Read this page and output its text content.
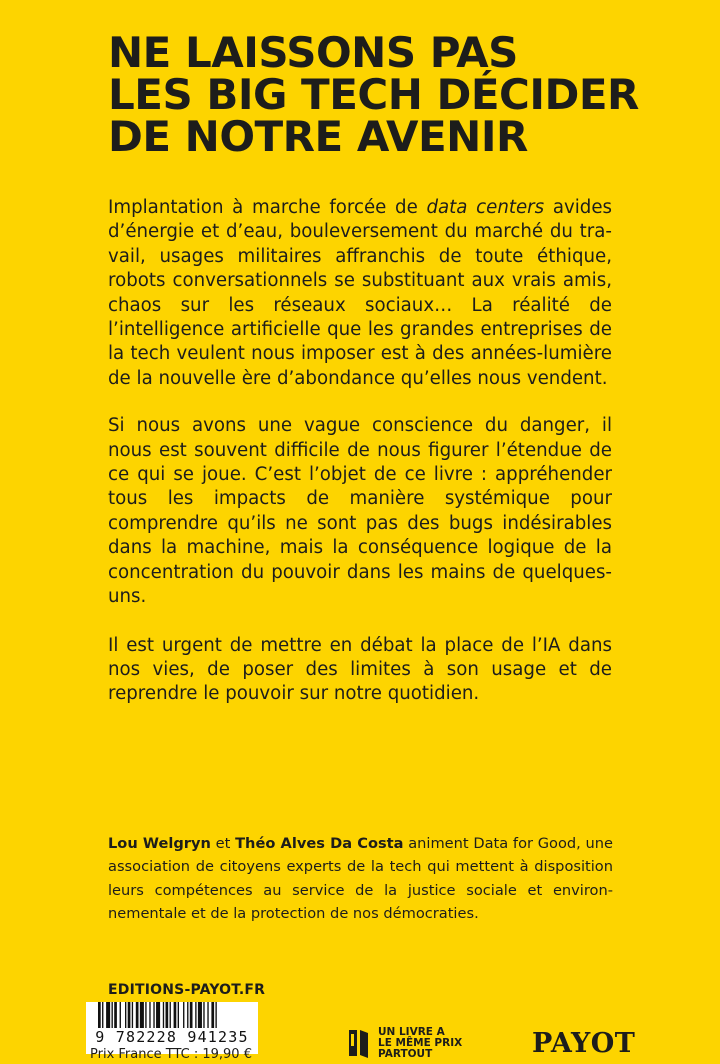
NE LAISSONS PAS
LES BIG TECH DÉCIDER
DE NOTRE AVENIR

Implantation à marche forcée de data centers avides d’énergie et d’eau, bouleversement du marché du travail, usages militaires affranchis de toute éthique, robots conversationnels se substituant aux vrais amis, chaos sur les réseaux sociaux… La réalité de l’intelligence artificielle que les grandes entreprises de la tech veulent nous imposer est à des années-lumière de la nouvelle ère d’abondance qu’elles nous vendent.

Si nous avons une vague conscience du danger, il nous est souvent difficile de nous figurer l’étendue de ce qui se joue. C’est l’objet de ce livre : appréhender tous les impacts de manière systémique pour comprendre qu’ils ne sont pas des bugs indésirables dans la machine, mais la conséquence logique de la concentration du pouvoir dans les mains de quelques-uns.

Il est urgent de mettre en débat la place de l’IA dans nos vies, de poser des limites à son usage et de reprendre le pouvoir sur notre quotidien.

Lou Welgryn et Théo Alves Da Costa animent Data for Good, une association de citoyens experts de la tech qui mettent à disposition leurs compétences au service de la justice sociale et environnementale et de la protection de nos démocraties.
EDITIONS-PAYOT.FR
9 782228 941235
Prix France TTC : 19,90 €
UN LIVRE A
LE MÊME PRIX
PARTOUT	PAYOT
